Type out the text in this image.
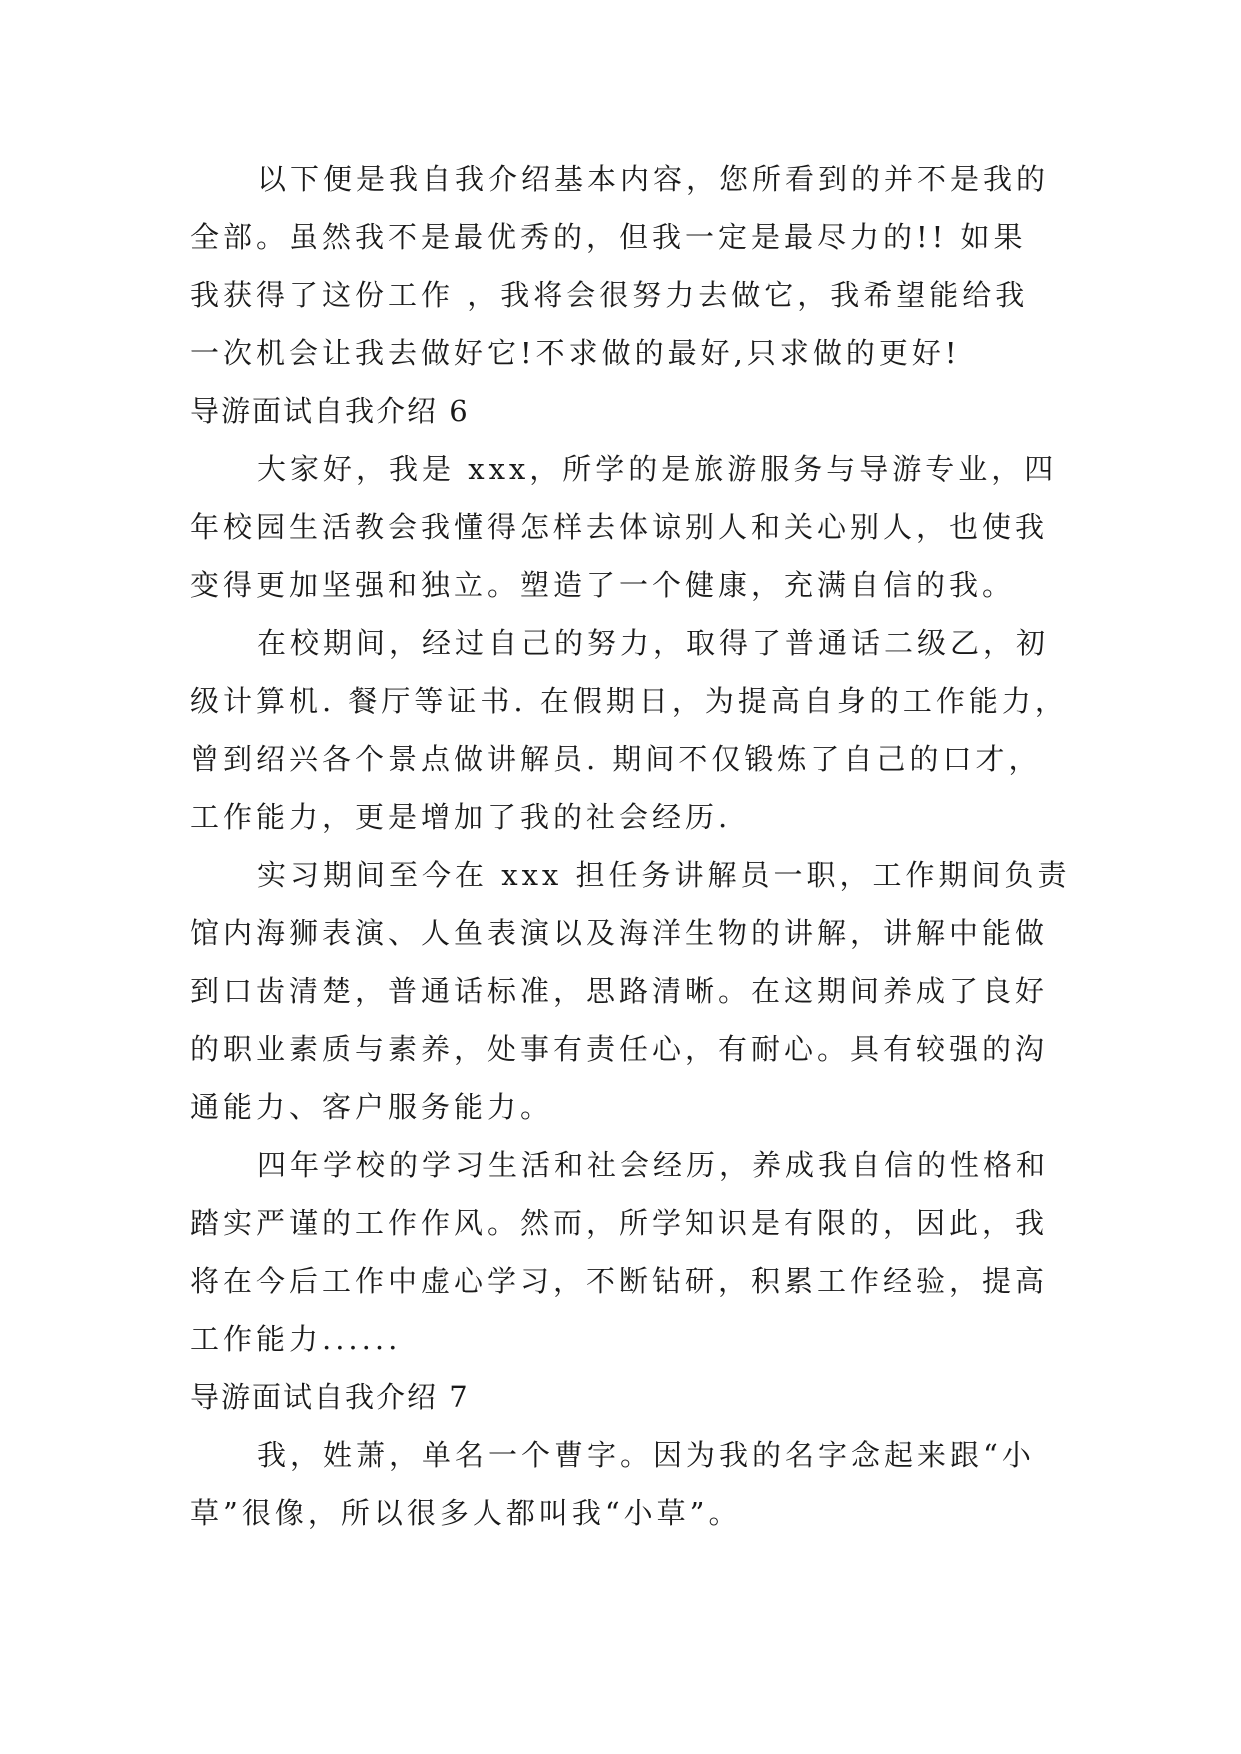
以下便是我自我介绍基本内容，您所看到的并不是我的
全部。虽然我不是最优秀的，但我一定是最尽力的!! 如果
我获得了这份工作 ，我将会很努力去做它，我希望能给我
一次机会让我去做好它!不求做的最好,只求做的更好!
导游面试自我介绍 6
大家好，我是 xxx，所学的是旅游服务与导游专业，四
年校园生活教会我懂得怎样去体谅别人和关心别人，也使我
变得更加坚强和独立。塑造了一个健康，充满自信的我。
在校期间，经过自己的努力，取得了普通话二级乙，初
级计算机. 餐厅等证书. 在假期日，为提高自身的工作能力，
曾到绍兴各个景点做讲解员. 期间不仅锻炼了自己的口才，
工作能力，更是增加了我的社会经历.
实习期间至今在 xxx 担任务讲解员一职，工作期间负责
馆内海狮表演、人鱼表演以及海洋生物的讲解，讲解中能做
到口齿清楚，普通话标准，思路清晰。在这期间养成了良好
的职业素质与素养，处事有责任心，有耐心。具有较强的沟
通能力、客户服务能力。
四年学校的学习生活和社会经历，养成我自信的性格和
踏实严谨的工作作风。然而，所学知识是有限的，因此，我
将在今后工作中虚心学习，不断钻研，积累工作经验，提高
工作能力......
导游面试自我介绍 7
我，姓萧，单名一个曹字。因为我的名字念起来跟“小
草”很像，所以很多人都叫我“小草”。
